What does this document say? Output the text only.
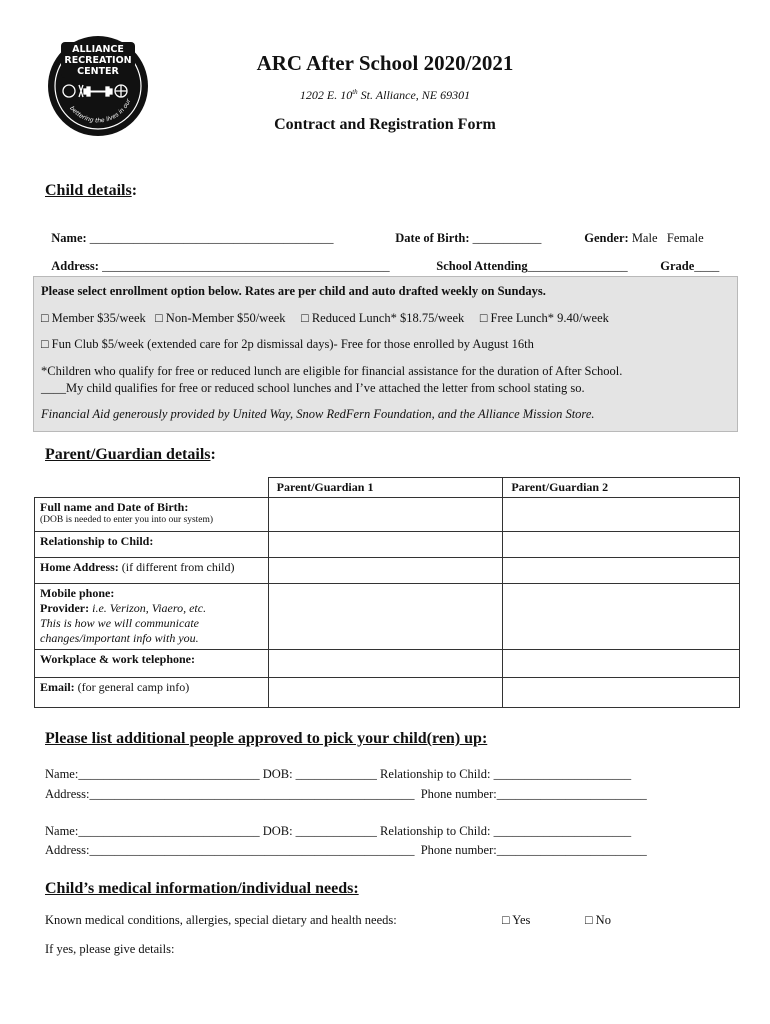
ALLIANCE
RECREATION
CENTER
bettering the lives in our
ARC After School 2020/2021
1202 E. 10th St. Alliance, NE 69301
Contract and Registration Form
Child details:

Name: _______________________________________	Date of Birth: ___________	Gender: Male   Female

Address: ______________________________________________	School Attending________________	Grade____

Please select enrollment option below. Rates are per child and auto drafted weekly on Sundays.
□ Member $35/week   □ Non-Member $50/week     □ Reduced Lunch* $18.75/week     □ Free Lunch* 9.40/week
□ Fun Club $5/week (extended care for 2p dismissal days)- Free for those enrolled by August 16th
*Children who qualify for free or reduced lunch are eligible for financial assistance for the duration of After School.
____My child qualifies for free or reduced school lunches and I’ve attached the letter from school stating so.
Financial Aid generously provided by United Way, Snow RedFern Foundation, and the Alliance Mission Store.
Parent/Guardian details:
	Parent/Guardian 1	Parent/Guardian 2

Full name and Date of Birth:
(DOB is needed to enter you into our system)		

Relationship to Child:		
Home Address: (if different from child)		

Mobile phone:
Provider: i.e. Verizon, Viaero, etc.
This is how we will communicate changes/important info with you.		

Workplace & work telephone:		
Email: (for general camp info)		
Please list additional people approved to pick your child(ren) up:
Name:_____________________________ DOB: _____________ Relationship to Child: ______________________
Address:____________________________________________________  Phone number:________________________
Name:_____________________________ DOB: _____________ Relationship to Child: ______________________
Address:____________________________________________________  Phone number:________________________
Child’s medical information/individual needs:
Known medical conditions, allergies, special dietary and health needs:	□ Yes	□ No
If yes, please give details:
